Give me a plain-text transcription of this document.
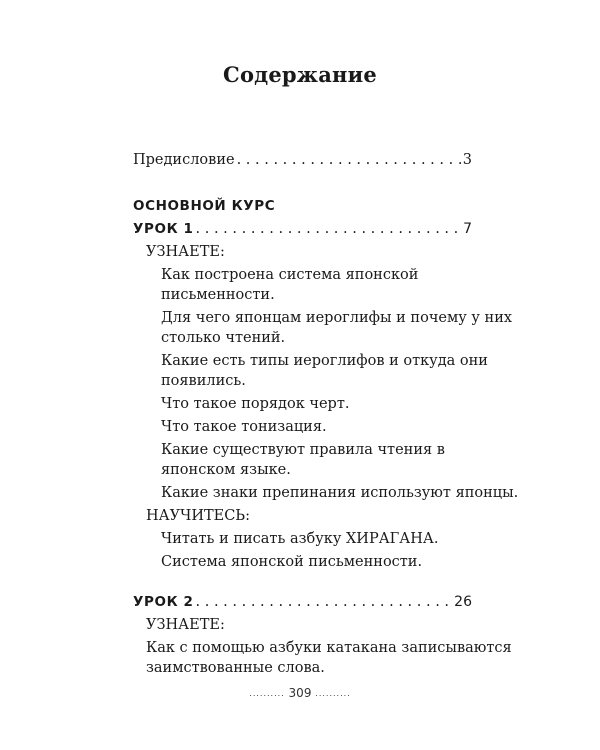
Содержание
Предисловие . . .	3
ОСНОВНОЙ КУРС
УРОК 1 . . .	7
УЗНАЕТЕ:
Как построена система японской
письменности.
Для чего японцам иероглифы и почему у них
столько чтений.
Какие есть типы иероглифов и откуда они
появились.
Что такое порядок черт.
Что такое тонизация.
Какие существуют правила чтения в
японском языке.
Какие знаки препинания используют японцы.
НАУЧИТЕСЬ:
Читать и писать азбуку ХИРАГАНА.
Система японской письменности.
УРОК 2 . . .	26
УЗНАЕТЕ:
Как с помощью азбуки катакана записываются
заимствованные слова.
.......... 309 ..........
